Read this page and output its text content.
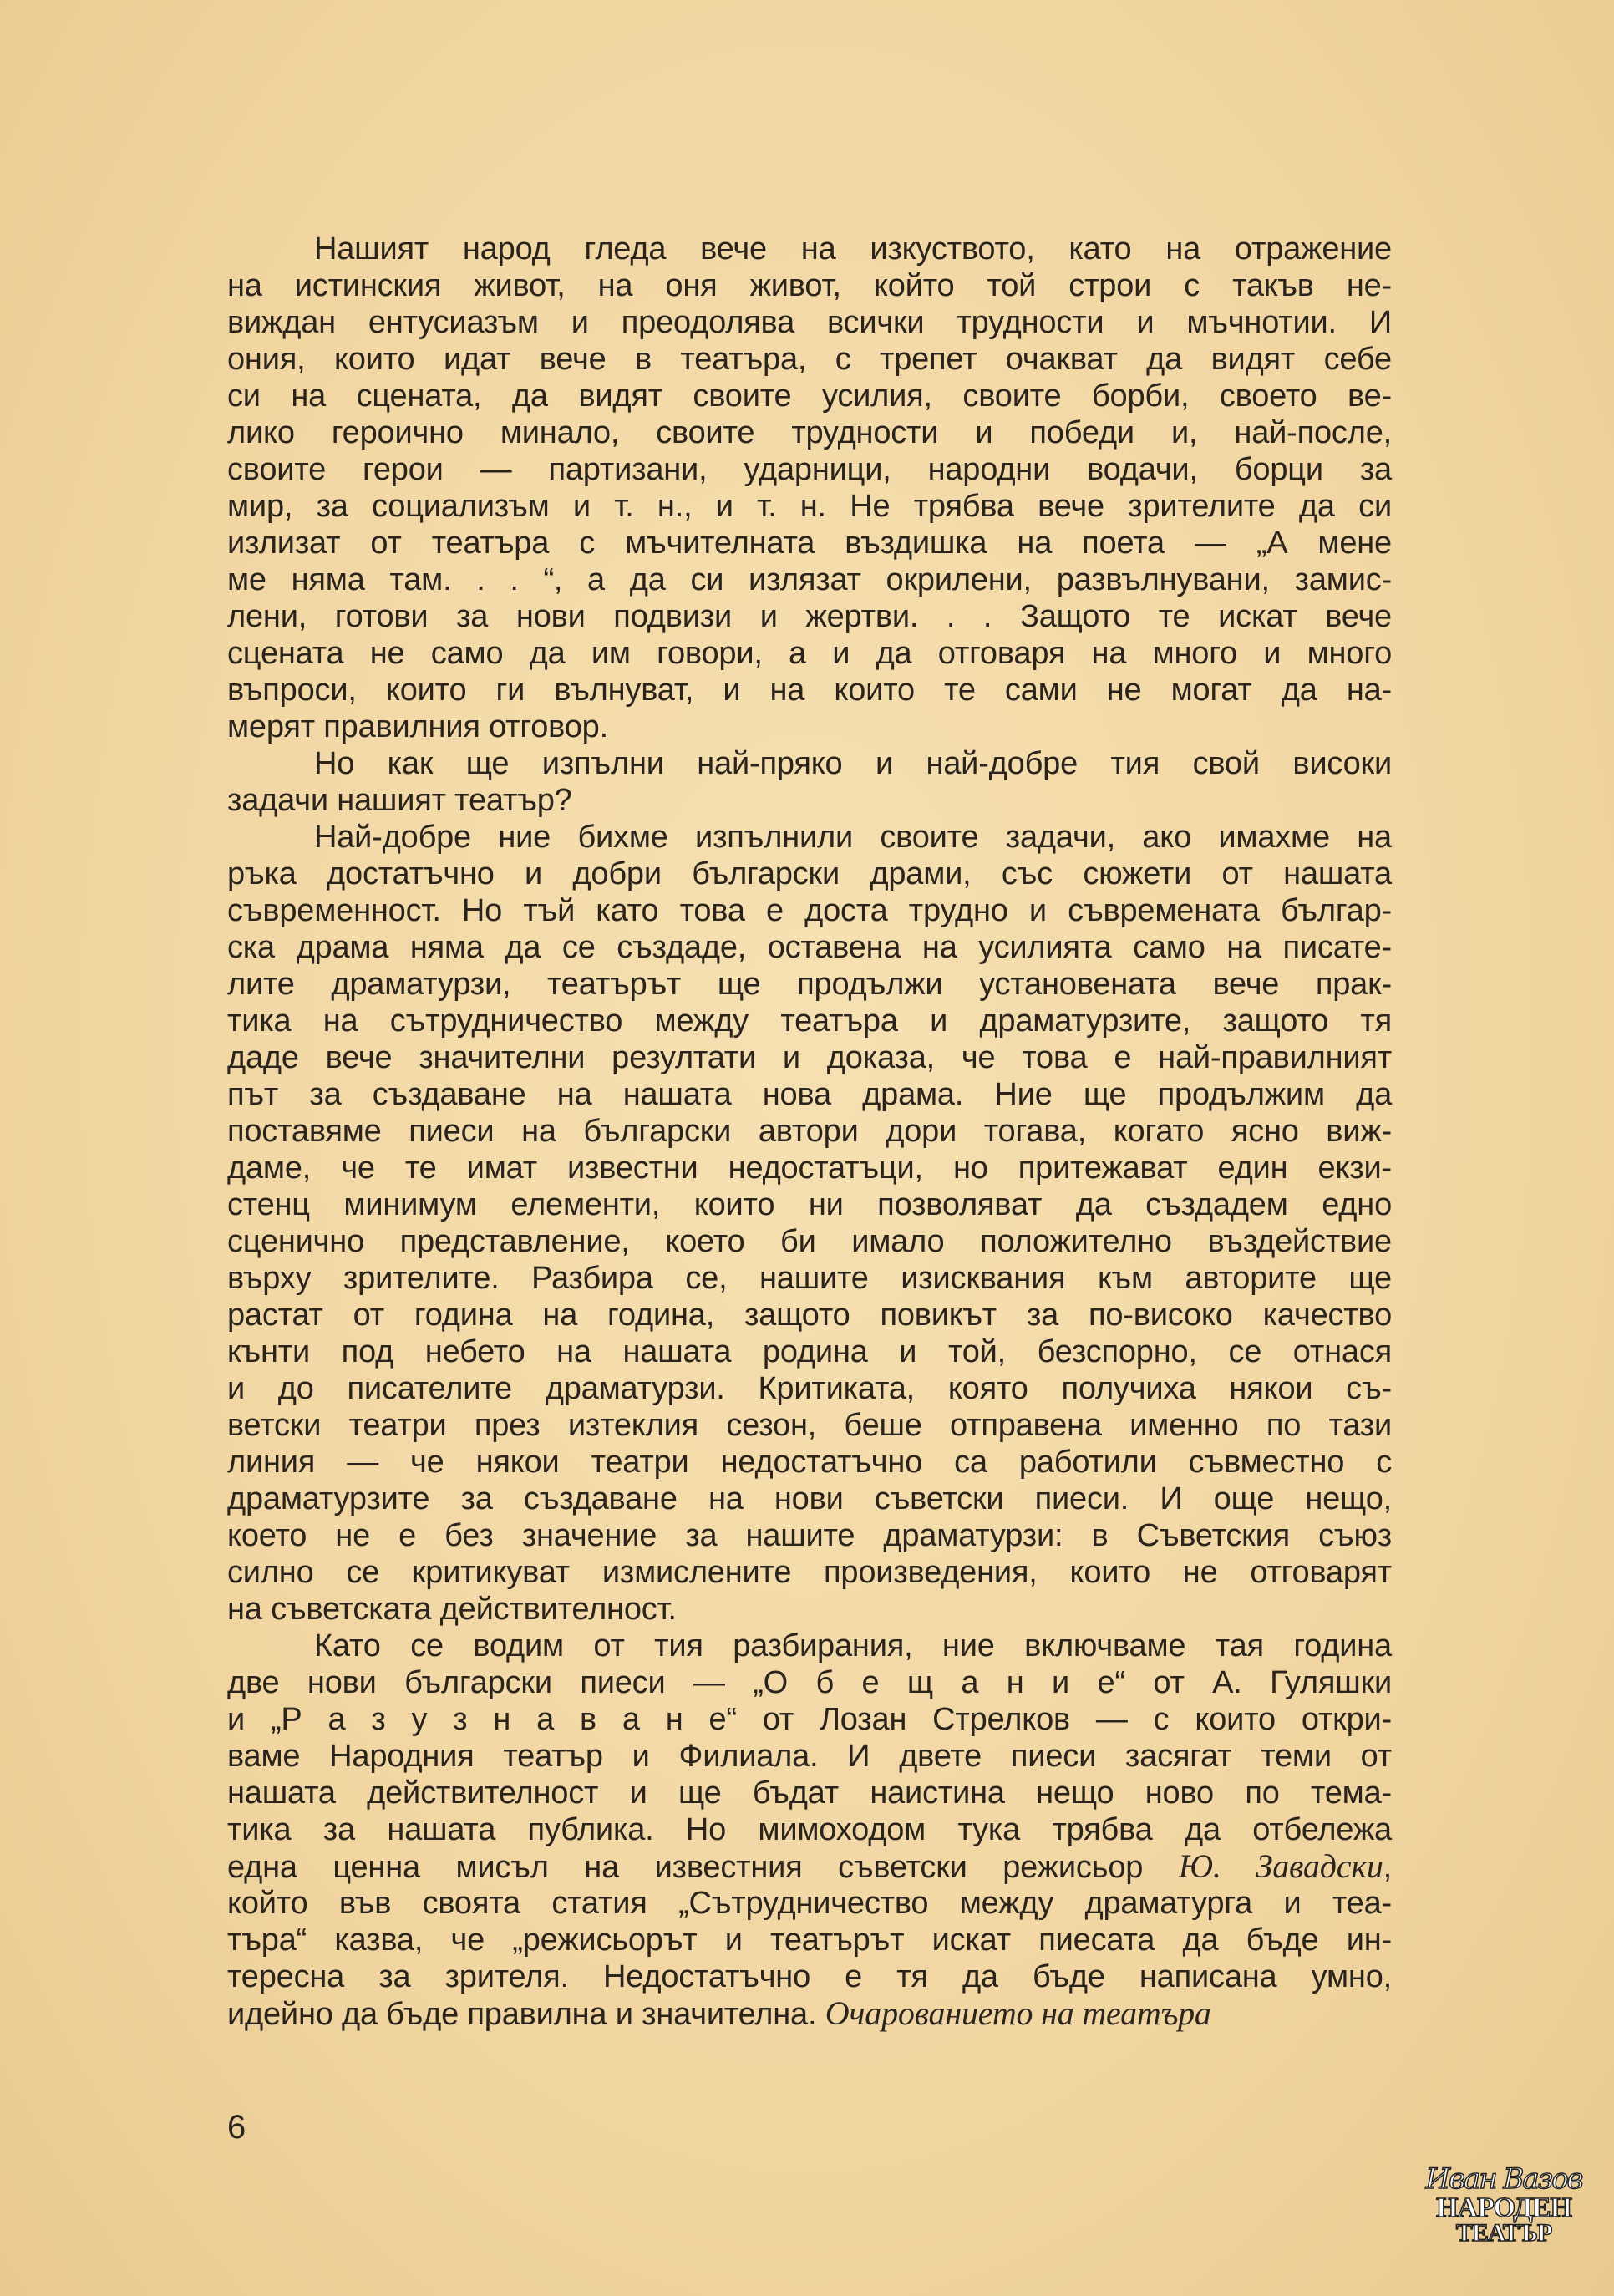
Нашият народ гледа вече на изкуството, като на отражение
на истинския живот, на оня живот, който той строи с такъв не-
виждан ентусиазъм и преодолява всички трудности и мъчнотии. И
ония, които идат вече в театъра, с трепет очакват да видят себе
си на сцената, да видят своите усилия, своите борби, своето ве-
лико героично минало, своите трудности и победи и, най-после,
своите герои — партизани, ударници, народни водачи, борци за
мир, за социализъм и т. н., и т. н. Не трябва вече зрителите да си
излизат от театъра с мъчителната въздишка на поета — „А мене
ме няма там. . . “, а да си излязат окрилени, развълнувани, замис-
лени, готови за нови подвизи и жертви. . . Защото те искат вече
сцената не само да им говори, а и да отговаря на много и много
въпроси, които ги вълнуват, и на които те сами не могат да на-
мерят правилния отговор.
Но как ще изпълни най-пряко и най-добре тия свой високи
задачи нашият театър?
Най-добре ние бихме изпълнили своите задачи, ако имахме на
ръка достатъчно и добри български драми, със сюжети от нашата
съвременност. Но тъй като това е доста трудно и съвремената българ-
ска драма няма да се създаде, оставена на усилията само на писате-
лите драматурзи, театърът ще продължи установената вече прак-
тика на сътрудничество между театъра и драматурзите, защото тя
даде вече значителни резултати и доказа, че това е най-правилният
път за създаване на нашата нова драма. Ние ще продължим да
поставяме пиеси на български автори дори тогава, когато ясно виж-
даме, че те имат известни недостатъци, но притежават един екзи-
стенц минимум елементи, които ни позволяват да създадем едно
сценично представление, което би имало положително въздействие
върху зрителите. Разбира се, нашите изисквания към авторите ще
растат от година на година, защото повикът за по-високо качество
кънти под небето на нашата родина и той, безспорно, се отнася
и до писателите драматурзи. Критиката, която получиха някои съ-
ветски театри през изтеклия сезон, беше отправена именно по тази
линия — че някои театри недостатъчно са работили съвместно с
драматурзите за създаване на нови съветски пиеси. И още нещо,
което не е без значение за нашите драматурзи: в Съветския съюз
силно се критикуват измислените произведения, които не отговарят
на съветската действителност.
Като се водим от тия разбирания, ние включваме тая година
две нови български пиеси — „О б е щ а н и е“ от А. Гуляшки
и „Р а з у з н а в а н е“ от Лозан Стрелков — с които откри-
ваме Народния театър и Филиала. И двете пиеси засягат теми от
нашата действителност и ще бъдат наистина нещо ново по тема-
тика за нашата публика. Но мимоходом тука трябва да отбележа
една ценна мисъл на известния съветски режисьор Ю. Завадски,
който във своята статия „Сътрудничество между драматурга и теа-
търа“ казва, че „режисьорът и театърът искат пиесата да бъде ин-
тересна за зрителя. Недостатъчно е тя да бъде написана умно,
идейно да бъде правилна и значителна. Очарованието на театъра
6
Иван Вазов
НАРОДЕН
ТЕАТЪР
